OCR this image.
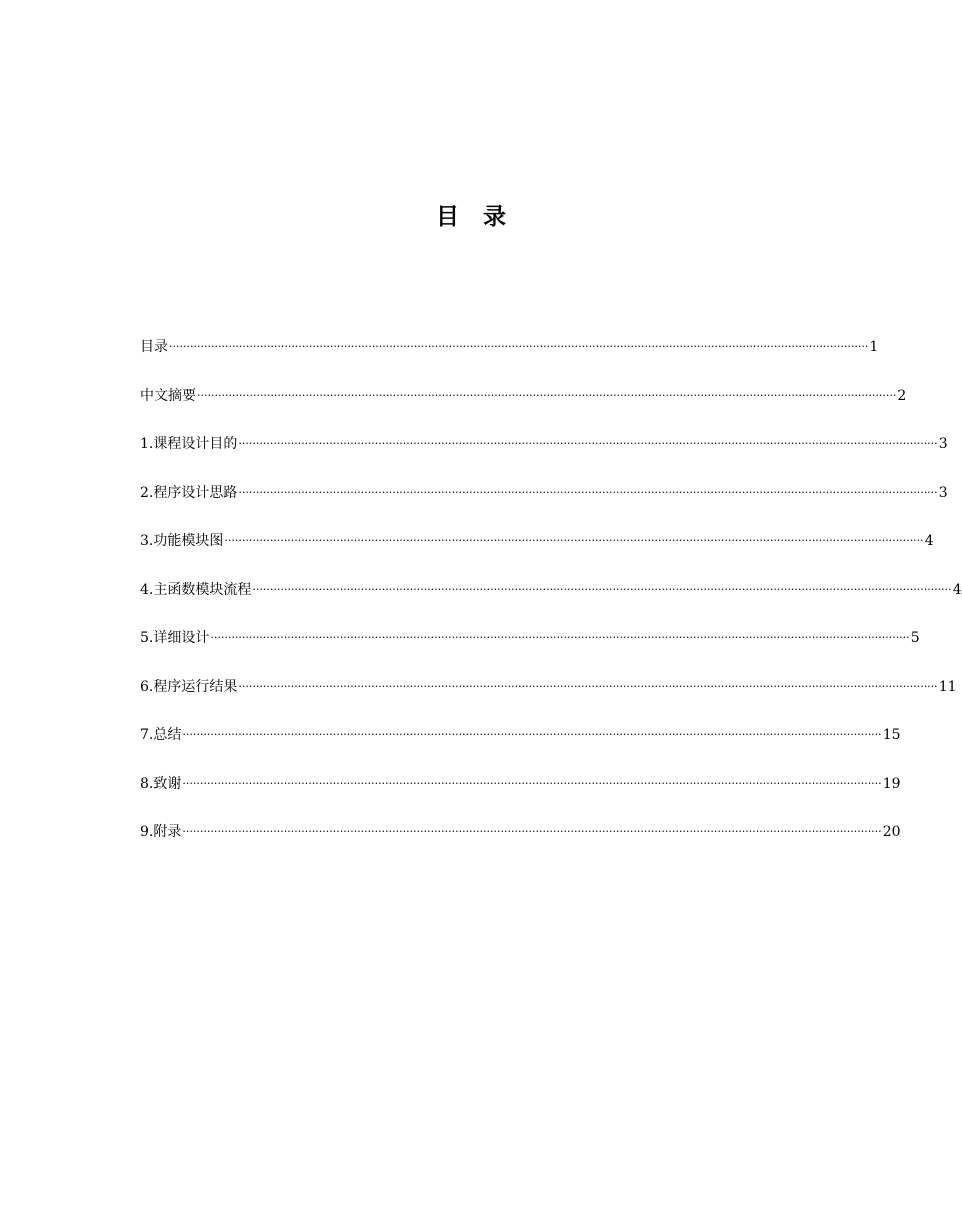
目 录
目录 ········································································································································································································ 1
中文摘要 ········································································································································································································ 2
1.课程设计目的 ········································································································································································································ 3
2.程序设计思路 ········································································································································································································ 3
3.功能模块图 ········································································································································································································ 4
4.主函数模块流程 ········································································································································································································ 4
5.详细设计 ········································································································································································································ 5
6.程序运行结果 ········································································································································································································ 11
7.总结 ········································································································································································································ 15
8.致谢 ········································································································································································································ 19
9.附录 ········································································································································································································ 20
